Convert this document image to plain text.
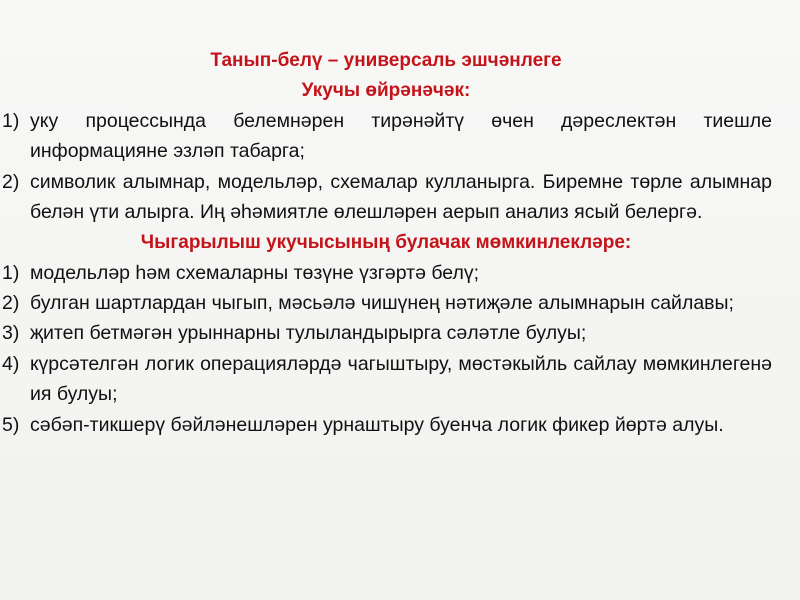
Танып-белү – универсаль эшчәнлеге

Укучы өйрәнәчәк:

1) уку процессында белемнәрен тирәнәйтү өчен дәреслектән тиешле информацияне эзләп табарга;
2) символик алымнар, модельләр, схемалар кулланырга. Биремне төрле алымнар белән үти алырга. Иң әһәмиятле өлешләрен аерып анализ ясый белергә.

Чыгарылыш укучысының булачак мөмкинлекләре:

1) модельләр һәм схемаларны төзүне үзгәртә белү;
2) булган шартлардан чыгып, мәсьәлә чишүнең нәтиҗәле алымнарын сайлавы;
3) җитеп бетмәгән урыннарны тулыландырырга сәләтле булуы;
4) күрсәтелгән логик операцияләрдә чагыштыру, мөстәкыйль сайлау мөмкинлегенә ия булуы;
5) сәбәп-тикшерү бәйләнешләрен урнаштыру буенча логик фикер йөртә алуы.
